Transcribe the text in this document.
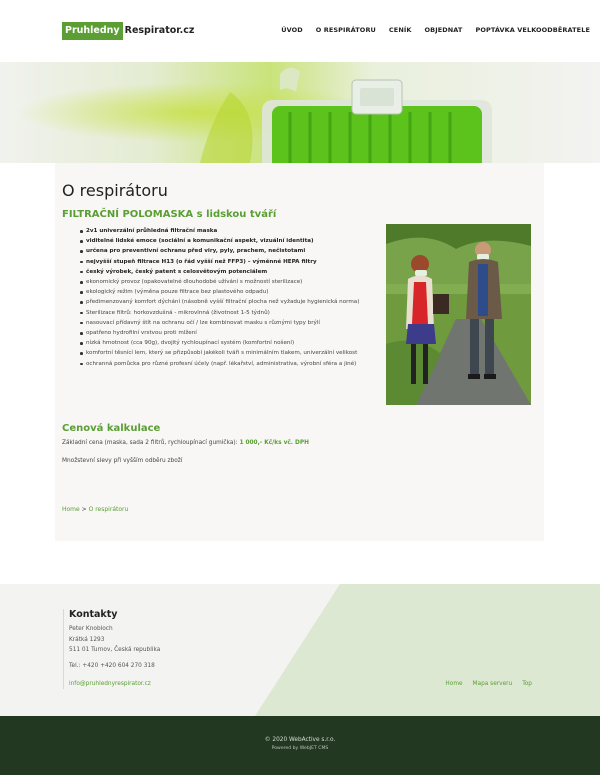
Pruhledny Respirator.cz	ÚVOD O RESPIRÁTORU CENÍK OBJEDNAT POPTÁVKA VELKOODBĚRATELE
O respirátoru
FILTRAČNÍ POLOMASKA s lidskou tváří
2v1 univerzální průhledná filtrační maska
viditelné lidské emoce (sociální a komunikační aspekt, vizuální identita)
určena pro preventivní ochranu před viry, pyly, prachem, nečistotami
nejvyšší stupeň filtrace H13 (o řád vyšší než FFP3) – výměnné HEPA filtry
český výrobek, český patent s celosvětovým potenciálem
ekonomický provoz (opakovatelné dlouhodobé užívání s možností sterilizace)
ekologický režim (výměna pouze filtrace bez plastového odpadu)
předimenzovaný komfort dýchání (násobně vyšší filtrační plocha než vyžaduje hygienická norma)
Sterilizace filtrů: horkovzdušná - mikrovlnná (životnost 1-5 týdnů)
nasouvací přídavný štít na ochranu očí / lze kombinovat masku s různými typy brýlí
opatřeno hydrofilní vrstvou proti mlžení
nízká hmotnost (cca 90g), dvojitý rychloupínací systém (komfortní nošení)
komfortní těsnící lem, který se přizpůsobí jakékoli tváři s minimálním tlakem, univerzální velikost
ochranná pomůcka pro různé profesní účely (např. lékařství, administrativa, výrobní sféra a jiné)
Cenová kalkulace
Základní cena (maska, sada 2 filtrů, rychloupínací gumička): 1 000,- Kč/ks vč. DPH
Množstevní slevy při vyšším odběru zboží
Home > O respirátoru
Kontakty
Peter Knobloch
Krátká 1293
511 01 Turnov, Česká republika
Tel.: +420 +420 604 270 318
info@pruhlednyrespirator.cz	Home Mapa serveru Top
© 2020 WebActive s.r.o.
Powered by WebJET CMS
